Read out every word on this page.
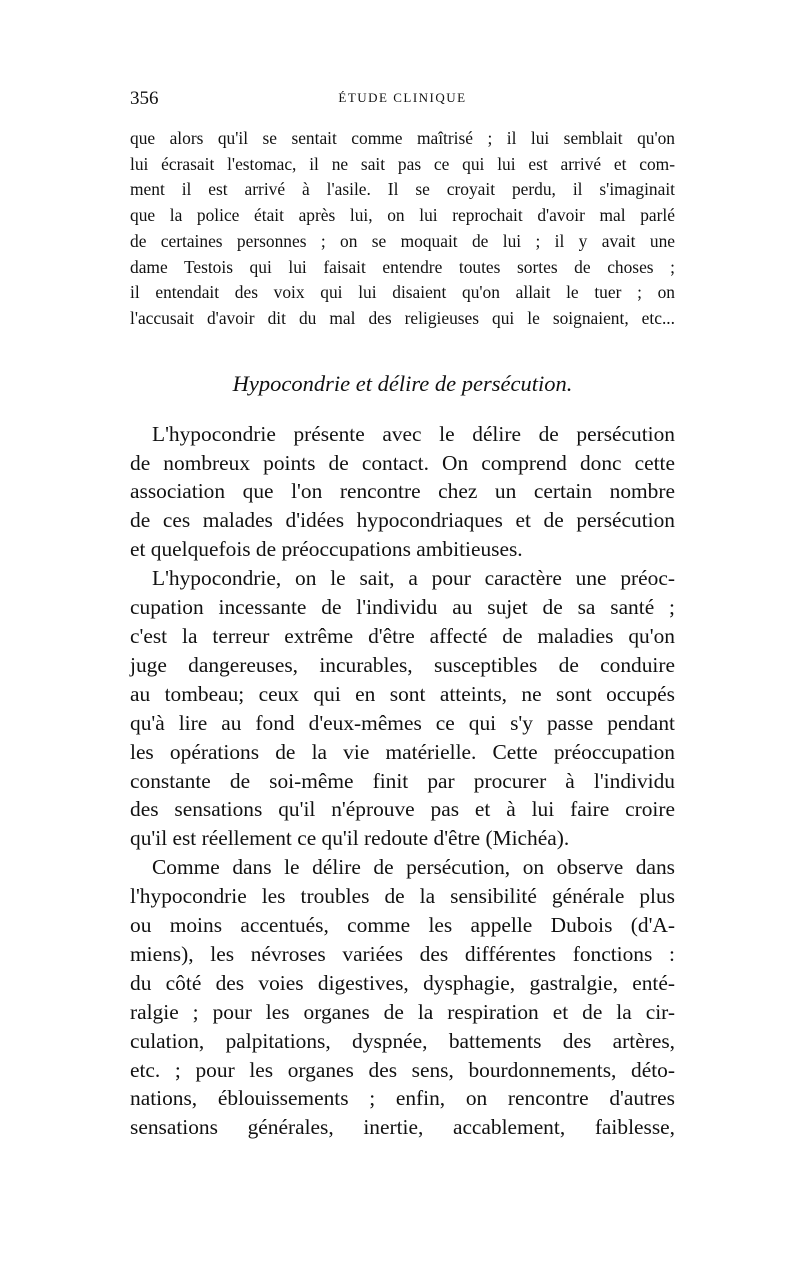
356	ÉTUDE CLINIQUE
que alors qu'il se sentait comme maîtrisé ; il lui semblait qu'on
lui écrasait l'estomac, il ne sait pas ce qui lui est arrivé et com-
ment il est arrivé à l'asile. Il se croyait perdu, il s'imaginait
que la police était après lui, on lui reprochait d'avoir mal parlé
de certaines personnes ; on se moquait de lui ; il y avait une
dame Testois qui lui faisait entendre toutes sortes de choses ;
il entendait des voix qui lui disaient qu'on allait le tuer ; on
l'accusait d'avoir dit du mal des religieuses qui le soignaient, etc...
Hypocondrie et délire de persécution.
L'hypocondrie présente avec le délire de persécution
de nombreux points de contact. On comprend donc cette
association que l'on rencontre chez un certain nombre
de ces malades d'idées hypocondriaques et de persécution
et quelquefois de préoccupations ambitieuses.
L'hypocondrie, on le sait, a pour caractère une préoc-
cupation incessante de l'individu au sujet de sa santé ;
c'est la terreur extrême d'être affecté de maladies qu'on
juge dangereuses, incurables, susceptibles de conduire
au tombeau; ceux qui en sont atteints, ne sont occupés
qu'à lire au fond d'eux-mêmes ce qui s'y passe pendant
les opérations de la vie matérielle. Cette préoccupation
constante de soi-même finit par procurer à l'individu
des sensations qu'il n'éprouve pas et à lui faire croire
qu'il est réellement ce qu'il redoute d'être (Michéa).
Comme dans le délire de persécution, on observe dans
l'hypocondrie les troubles de la sensibilité générale plus
ou moins accentués, comme les appelle Dubois (d'A-
miens), les névroses variées des différentes fonctions :
du côté des voies digestives, dysphagie, gastralgie, enté-
ralgie ; pour les organes de la respiration et de la cir-
culation, palpitations, dyspnée, battements des artères,
etc. ; pour les organes des sens, bourdonnements, déto-
nations, éblouissements ; enfin, on rencontre d'autres
sensations générales, inertie, accablement, faiblesse,
